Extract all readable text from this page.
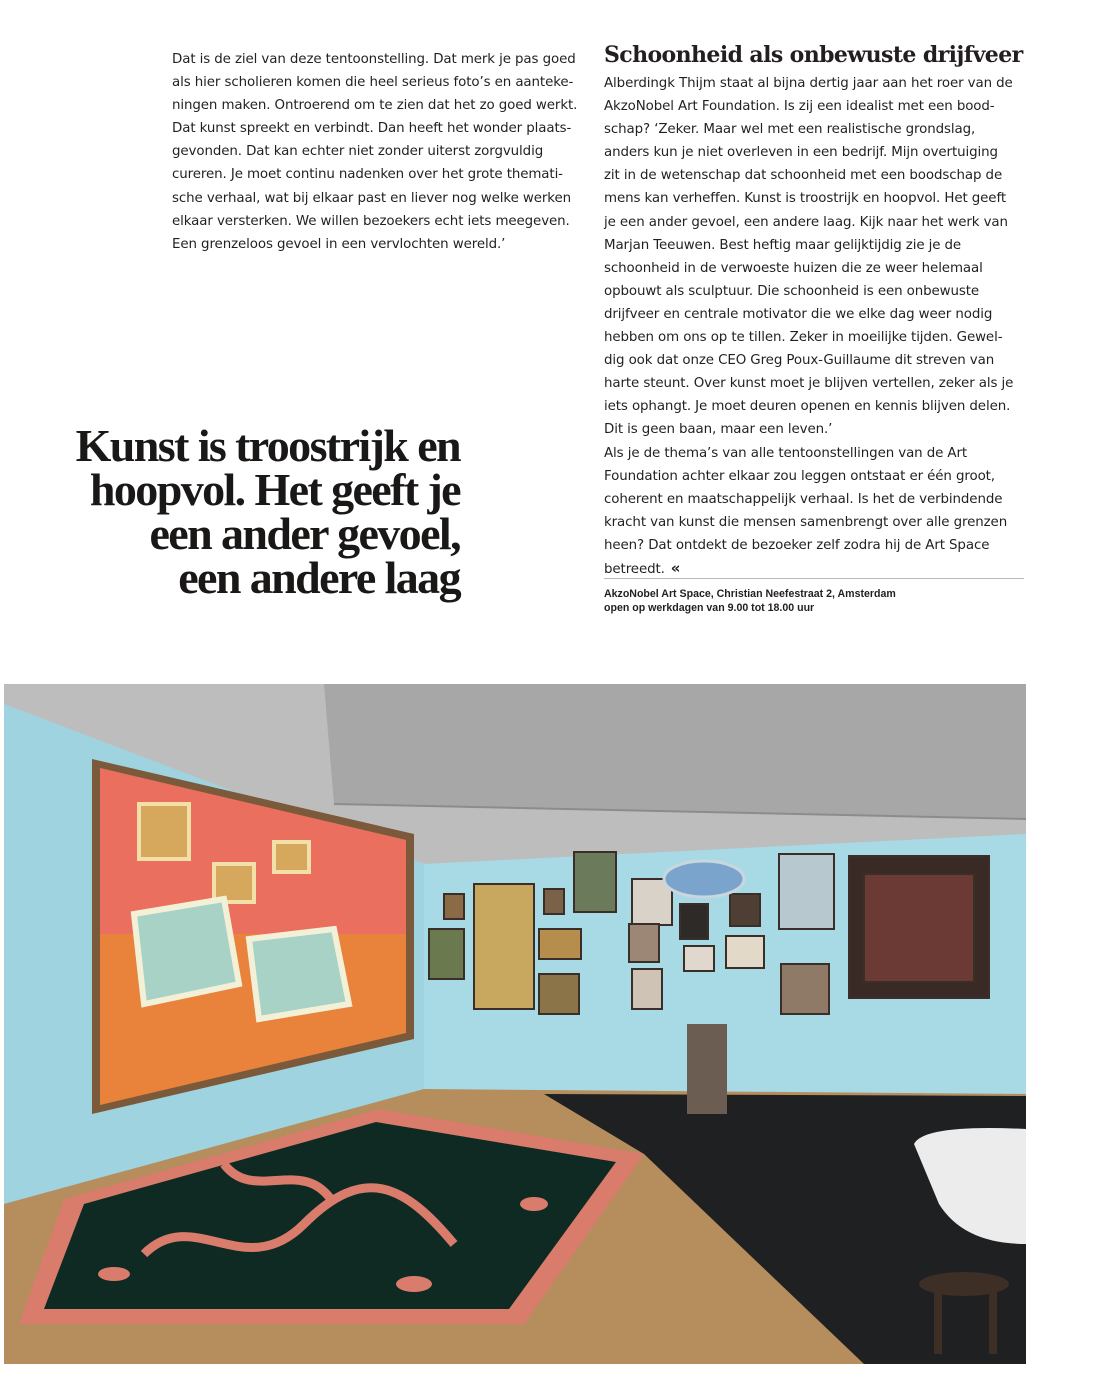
Dat is de ziel van deze tentoonstelling. Dat merk je pas goed

als hier scholieren komen die heel serieus foto’s en aanteke-

ningen maken. Ontroerend om te zien dat het zo goed werkt.

Dat kunst spreekt en verbindt. Dan heeft het wonder plaats-

gevonden. Dat kan echter niet zonder uiterst zorgvuldig

cureren. Je moet continu nadenken over het grote themati-

sche verhaal, wat bij elkaar past en liever nog welke werken

elkaar versterken. We willen bezoekers echt iets meegeven.

Een grenzeloos gevoel in een vervlochten wereld.’

Schoonheid als onbewuste drijfveer

Alberdingk Thijm staat al bijna dertig jaar aan het roer van de

AkzoNobel Art Foundation. Is zij een idealist met een bood-

schap? ‘Zeker. Maar wel met een realistische grondslag,

anders kun je niet overleven in een bedrijf. Mijn overtuiging

zit in de wetenschap dat schoonheid met een boodschap de

mens kan verheffen. Kunst is troostrijk en hoopvol. Het geeft

je een ander gevoel, een andere laag. Kijk naar het werk van

Marjan Teeuwen. Best heftig maar gelijktijdig zie je de

schoonheid in de verwoeste huizen die ze weer helemaal

opbouwt als sculptuur. Die schoonheid is een onbewuste

drijfveer en centrale motivator die we elke dag weer nodig

hebben om ons op te tillen. Zeker in moeilijke tijden. Gewel-

dig ook dat onze CEO Greg Poux-Guillaume dit streven van

harte steunt. Over kunst moet je blijven vertellen, zeker als je

iets ophangt. Je moet deuren openen en kennis blijven delen.

Dit is geen baan, maar een leven.’

Als je de thema’s van alle tentoonstellingen van de Art

Foundation achter elkaar zou leggen ontstaat er één groot,

coherent en maatschappelijk verhaal. Is het de verbindende

kracht van kunst die mensen samenbrengt over alle grenzen

heen? Dat ontdekt de bezoeker zelf zodra hij de Art Space

betreedt. «

AkzoNobel Art Space, Christian Neefestraat 2, Amsterdam
open op werkdagen van 9.00 tot 18.00 uur
Kunst is troostrijk en
hoopvol. Het geeft je
een ander gevoel,
een andere laag
